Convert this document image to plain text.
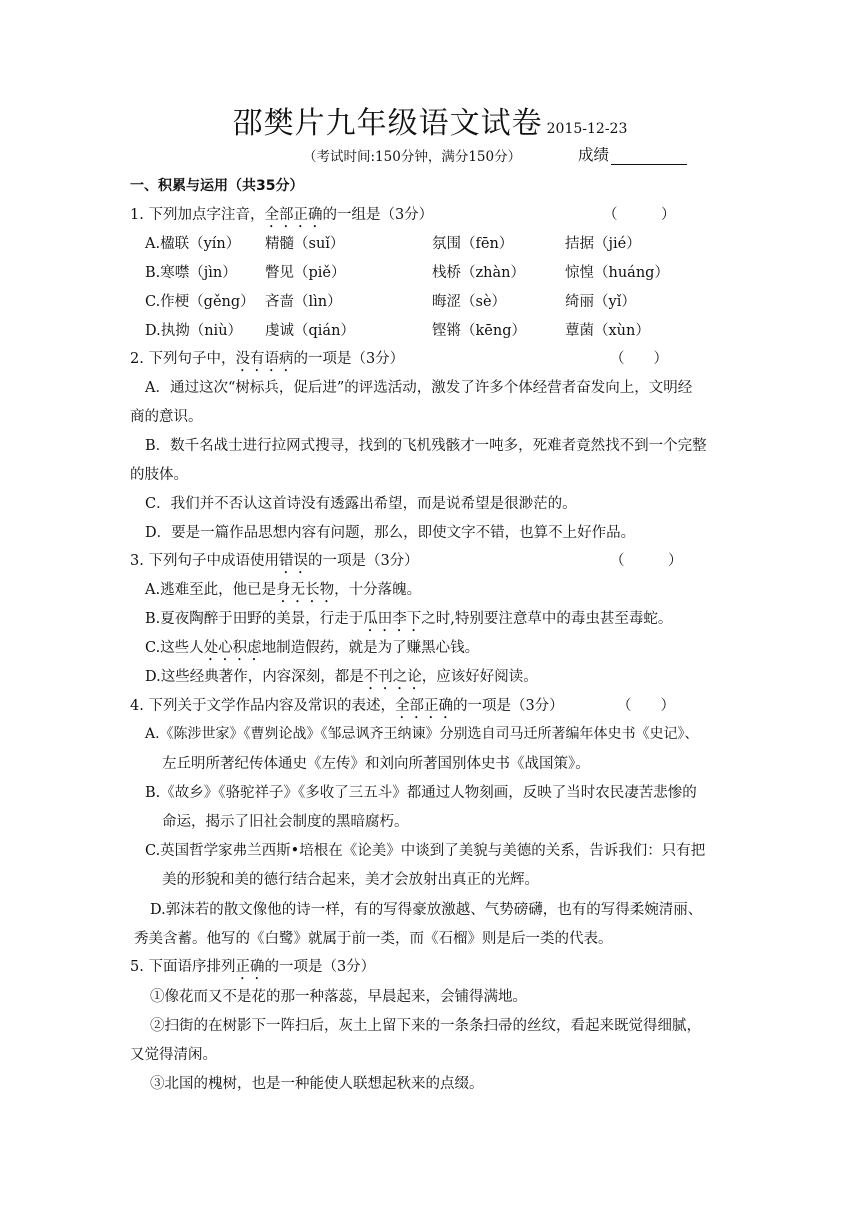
邵樊片九年级语文试卷 2015-12-23
（考试时间:150分钟，满分150分）	成绩
一、积累与运用（共35分）
1. 下列加点字注音，全部正确的一组是（3分）	（　　　）
A.楹联（yín） 精髓（suǐ）	氛围（fēn）	拮据（jié）
B.寒噤（jìn） 瞥见（piě）	栈桥（zhàn）	惊惶（huáng）
C.作梗（gěng） 吝啬（lìn）	晦涩（sè）	绮丽（yǐ）
D.执拗（niù） 虔诚（qián）	铿锵（kēng）	蕈菌（xùn）
2. 下列句子中，没有语病的一项是（3分）	（　　）
A．通过这次“树标兵，促后进”的评选活动，激发了许多个体经营者奋发向上，文明经
商的意识。
B．数千名战士进行拉网式搜寻，找到的飞机残骸才一吨多，死难者竟然找不到一个完整
的肢体。
C．我们并不否认这首诗没有透露出希望，而是说希望是很渺茫的。
D．要是一篇作品思想内容有问题，那么，即使文字不错，也算不上好作品。
3. 下列句子中成语使用错误的一项是（3分）	（　　　）
A.逃难至此，他已是身无长物，十分落魄。
B.夏夜陶醉于田野的美景，行走于瓜田李下之时,特别要注意草中的毒虫甚至毒蛇。
C.这些人处心积虑地制造假药，就是为了赚黑心钱。
D.这些经典著作，内容深刻，都是不刊之论，应该好好阅读。
4. 下列关于文学作品内容及常识的表述，全部正确的一项是（3分）	（　　）
A.《陈涉世家》《曹刿论战》《邹忌讽齐王纳谏》分别选自司马迁所著编年体史书《史记》、
左丘明所著纪传体通史《左传》和刘向所著国别体史书《战国策》。
B.《故乡》《骆驼祥子》《多收了三五斗》都通过人物刻画，反映了当时农民凄苦悲惨的
命运，揭示了旧社会制度的黑暗腐朽。
C.英国哲学家弗兰西斯•培根在《论美》中谈到了美貌与美德的关系，告诉我们：只有把
美的形貌和美的德行结合起来，美才会放射出真正的光辉。
D.郭沫若的散文像他的诗一样，有的写得豪放激越、气势磅礴，也有的写得柔婉清丽、
秀美含蓄。他写的《白鹭》就属于前一类，而《石榴》则是后一类的代表。
5. 下面语序排列正确的一项是（3分）
①像花而又不是花的那一种落蕊，早晨起来，会铺得满地。
②扫街的在树影下一阵扫后，灰土上留下来的一条条扫帚的丝纹，看起来既觉得细腻，
又觉得清闲。
③北国的槐树，也是一种能使人联想起秋来的点缀。
